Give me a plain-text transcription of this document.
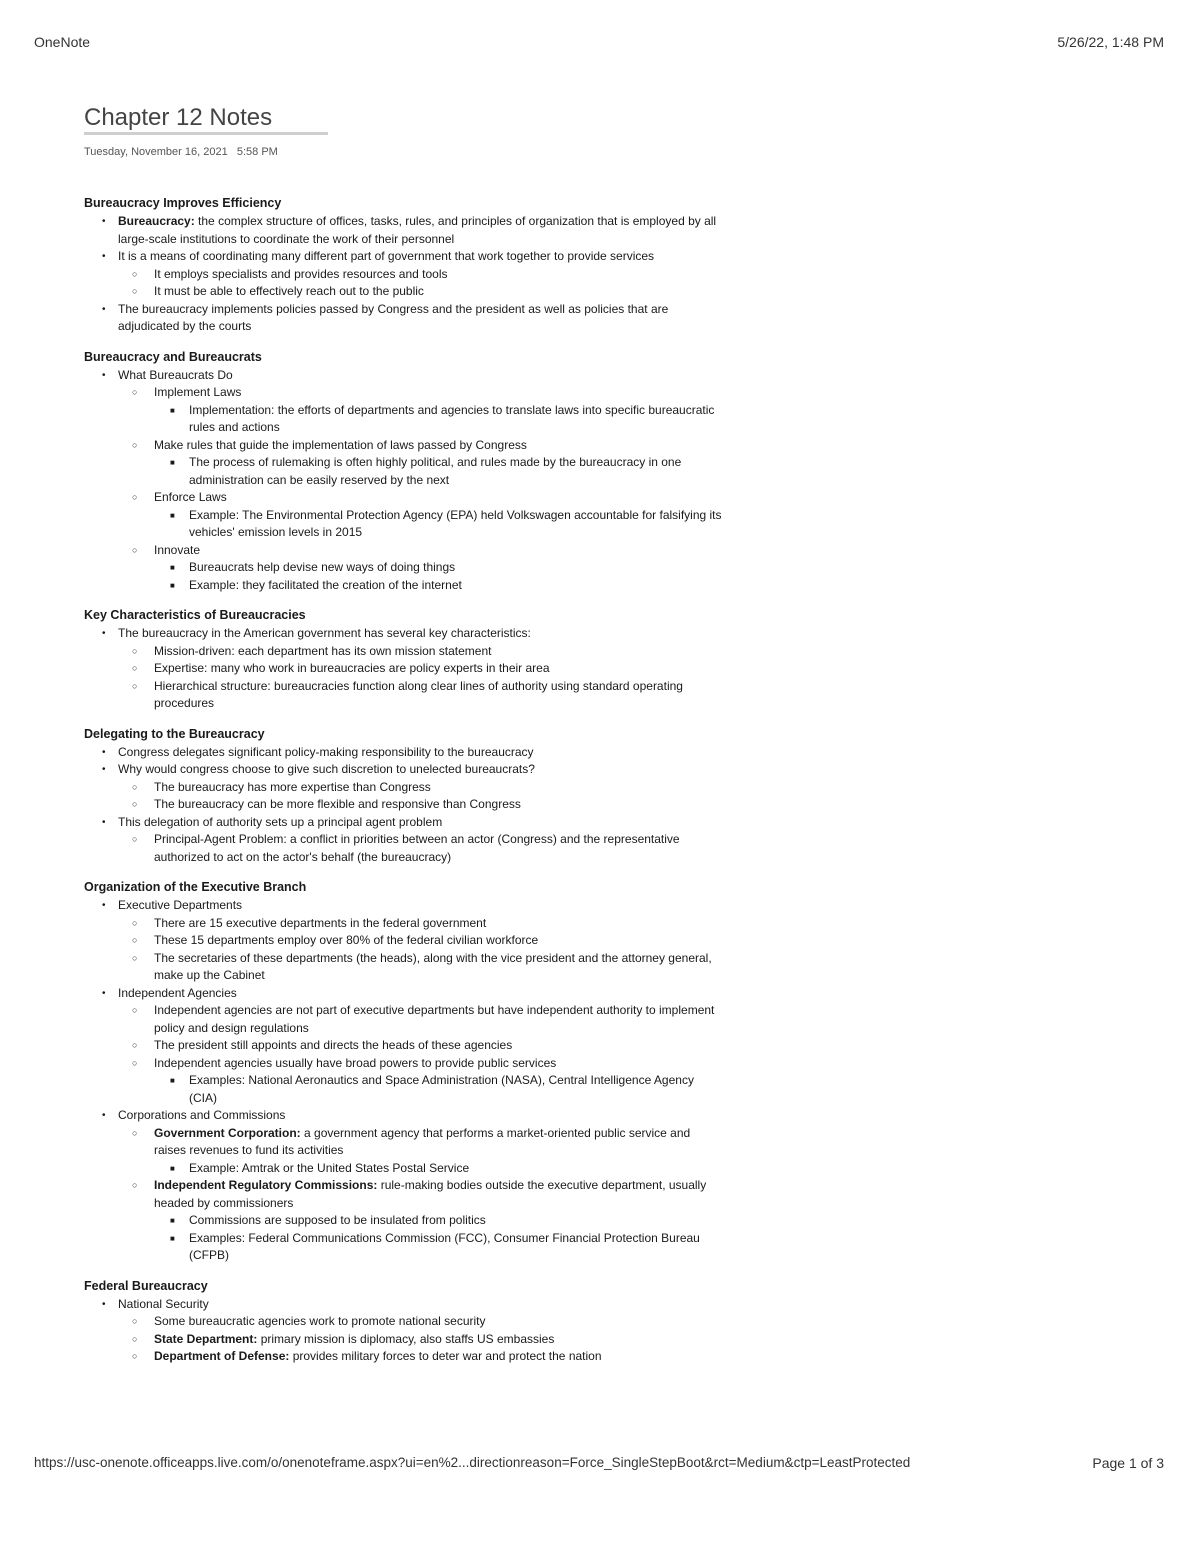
OneNote	5/26/22, 1:48 PM
Chapter 12 Notes
Tuesday, November 16, 2021 5:58 PM
Bureaucracy Improves Efficiency
• Bureaucracy: the complex structure of offices, tasks, rules, and principles of organization that is employed by all large-scale institutions to coordinate the work of their personnel
• It is a means of coordinating many different part of government that work together to provide services
○ It employs specialists and provides resources and tools
○ It must be able to effectively reach out to the public
• The bureaucracy implements policies passed by Congress and the president as well as policies that are adjudicated by the courts
Bureaucracy and Bureaucrats
• What Bureaucrats Do
○ Implement Laws
■ Implementation: the efforts of departments and agencies to translate laws into specific bureaucratic rules and actions
○ Make rules that guide the implementation of laws passed by Congress
■ The process of rulemaking is often highly political, and rules made by the bureaucracy in one administration can be easily reserved by the next
○ Enforce Laws
■ Example: The Environmental Protection Agency (EPA) held Volkswagen accountable for falsifying its vehicles' emission levels in 2015
○ Innovate
■ Bureaucrats help devise new ways of doing things
■ Example: they facilitated the creation of the internet
Key Characteristics of Bureaucracies
• The bureaucracy in the American government has several key characteristics:
○ Mission-driven: each department has its own mission statement
○ Expertise: many who work in bureaucracies are policy experts in their area
○ Hierarchical structure: bureaucracies function along clear lines of authority using standard operating procedures
Delegating to the Bureaucracy
• Congress delegates significant policy-making responsibility to the bureaucracy
• Why would congress choose to give such discretion to unelected bureaucrats?
○ The bureaucracy has more expertise than Congress
○ The bureaucracy can be more flexible and responsive than Congress
• This delegation of authority sets up a principal agent problem
○ Principal-Agent Problem: a conflict in priorities between an actor (Congress) and the representative authorized to act on the actor's behalf (the bureaucracy)
Organization of the Executive Branch
• Executive Departments
○ There are 15 executive departments in the federal government
○ These 15 departments employ over 80% of the federal civilian workforce
○ The secretaries of these departments (the heads), along with the vice president and the attorney general, make up the Cabinet
• Independent Agencies
○ Independent agencies are not part of executive departments but have independent authority to implement policy and design regulations
○ The president still appoints and directs the heads of these agencies
○ Independent agencies usually have broad powers to provide public services
■ Examples: National Aeronautics and Space Administration (NASA), Central Intelligence Agency (CIA)
• Corporations and Commissions
○ Government Corporation: a government agency that performs a market-oriented public service and raises revenues to fund its activities
■ Example: Amtrak or the United States Postal Service
○ Independent Regulatory Commissions: rule-making bodies outside the executive department, usually headed by commissioners
■ Commissions are supposed to be insulated from politics
■ Examples: Federal Communications Commission (FCC), Consumer Financial Protection Bureau (CFPB)
Federal Bureaucracy
• National Security
○ Some bureaucratic agencies work to promote national security
○ State Department: primary mission is diplomacy, also staffs US embassies
○ Department of Defense: provides military forces to deter war and protect the nation
https://usc-onenote.officeapps.live.com/o/onenoteframe.aspx?ui=en%2...directionreason=Force_SingleStepBoot&rct=Medium&ctp=LeastProtected	Page 1 of 3
